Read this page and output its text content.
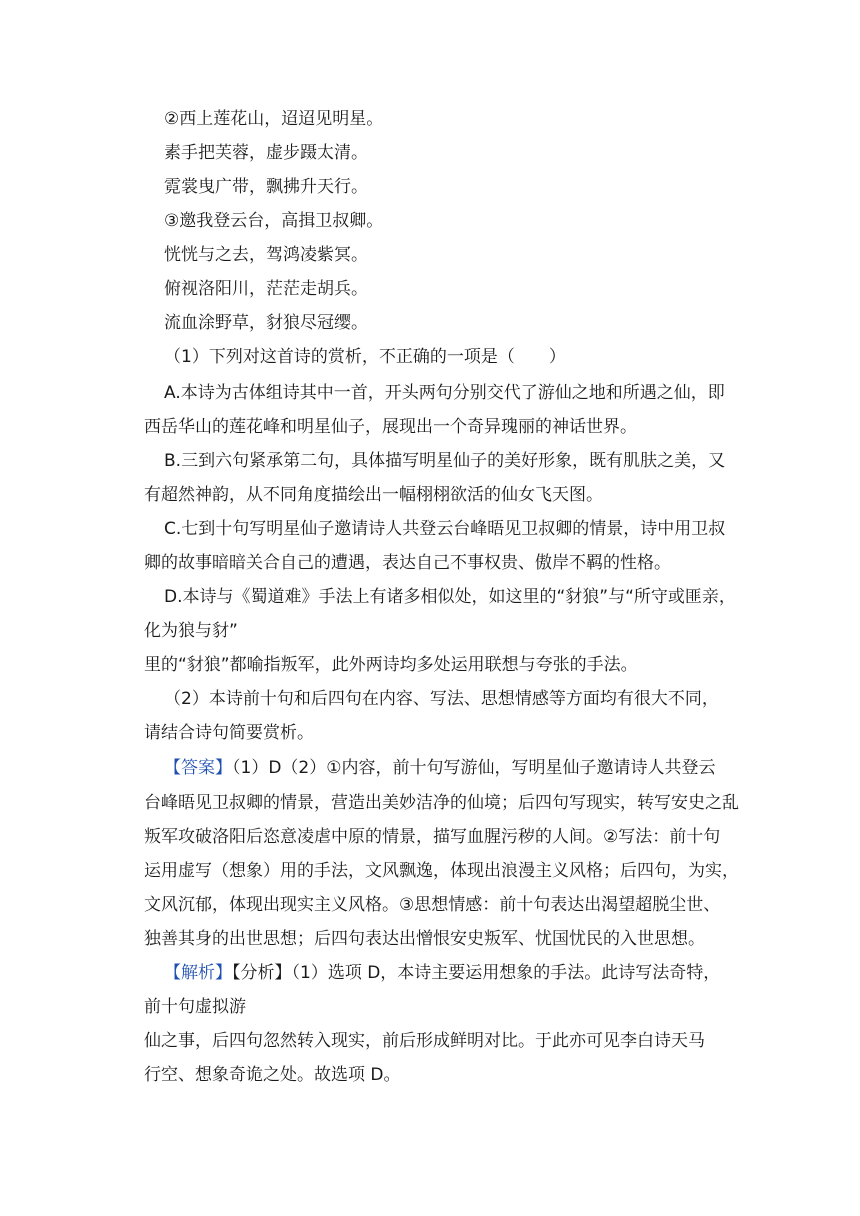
②西上莲花山，迢迢见明星。
素手把芙蓉，虚步蹑太清。
霓裳曳广带，飘拂升天行。
③邀我登云台，高揖卫叔卿。
恍恍与之去，驾鸿凌紫冥。
俯视洛阳川，茫茫走胡兵。
流血涂野草，豺狼尽冠缨。
（1）下列对这首诗的赏析，不正确的一项是（　　）
A.本诗为古体组诗其中一首，开头两句分别交代了游仙之地和所遇之仙，即
西岳华山的莲花峰和明星仙子，展现出一个奇异瑰丽的神话世界。
B.三到六句紧承第二句，具体描写明星仙子的美好形象，既有肌肤之美，又
有超然神韵，从不同角度描绘出一幅栩栩欲活的仙女飞天图。
C.七到十句写明星仙子邀请诗人共登云台峰晤见卫叔卿的情景，诗中用卫叔
卿的故事暗暗关合自己的遭遇，表达自己不事权贵、傲岸不羁的性格。
D.本诗与《蜀道难》手法上有诸多相似处，如这里的“豺狼”与“所守或匪亲，
化为狼与豺”
里的“豺狼”都喻指叛军，此外两诗均多处运用联想与夸张的手法。
（2）本诗前十句和后四句在内容、写法、思想情感等方面均有很大不同，
请结合诗句简要赏析。
【答案】（1）D（2）①内容，前十句写游仙，写明星仙子邀请诗人共登云
台峰晤见卫叔卿的情景，营造出美妙洁净的仙境；后四句写现实，转写安史之乱
叛军攻破洛阳后恣意凌虐中原的情景，描写血腥污秽的人间。②写法：前十句
运用虚写（想象）用的手法，文风飘逸，体现出浪漫主义风格；后四句，为实，
文风沉郁，体现出现实主义风格。③思想情感：前十句表达出渴望超脱尘世、
独善其身的出世思想；后四句表达出憎恨安史叛军、忧国忧民的入世思想。
【解析】【分析】（1）选项 D，本诗主要运用想象的手法。此诗写法奇特，
前十句虚拟游
仙之事，后四句忽然转入现实，前后形成鲜明对比。于此亦可见李白诗天马
行空、想象奇诡之处。故选项 D。
